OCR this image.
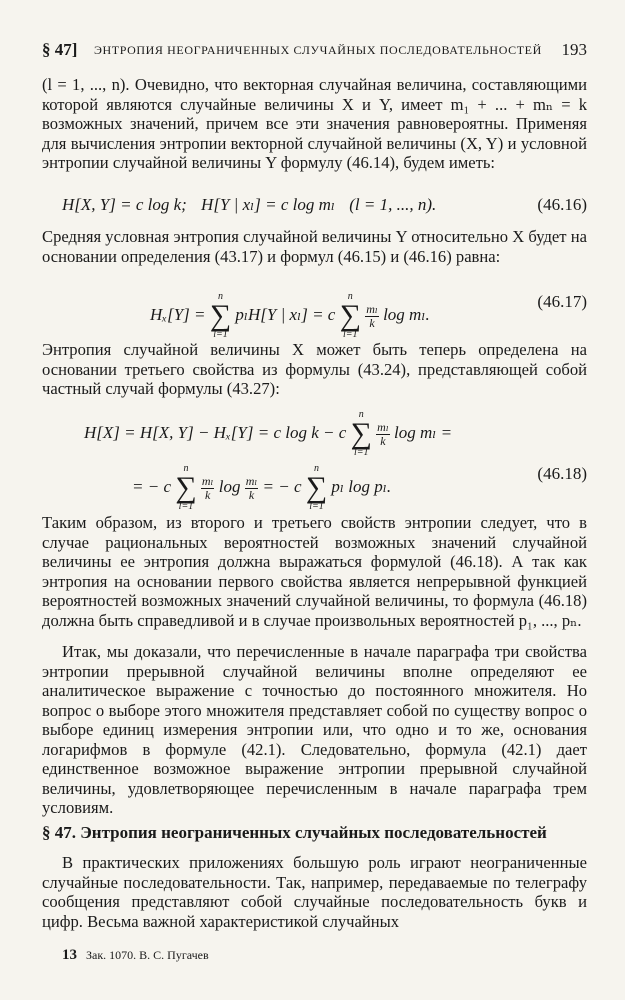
§ 47] ЭНТРОПИЯ НЕОГРАНИЧЕННЫХ СЛУЧАЙНЫХ ПОСЛЕДОВАТЕЛЬНОСТЕЙ 193

(l = 1, ..., n). Очевидно, что векторная случайная величина, составляющими которой являются случайные величины X и Y, имеет m₁ + ... + mₙ = k возможных значений, причем все эти значения равновероятны. Применяя для вычисления энтропии векторной случайной величины (X, Y) и условной энтропии случайной величины Y формулу (46.14), будем иметь:

H[X, Y] = c log k; H[Y | xₗ] = c log mₗ (l = 1, ..., n).	(46.16)

Средняя условная энтропия случайной величины Y относительно X будет на основании определения (43.17) и формул (46.15) и (46.16) равна:

Hₓ[Y] =
n
∑
l=1
pₗH[Y | xₗ] = c
n
∑
l=1

$\frac{\text{mₗ}}{k}$ log mₗ.
(46.17)

Энтропия случайной величины X может быть теперь определена на основании третьего свойства из формулы (43.24), представляющей собой частный случай формулы (43.27):

H[X] = H[X, Y] − Hₓ[Y] = c log k − c
n
∑
l=1

$\frac{\text{mₗ}}{k}$ log mₗ =
= − c
n
∑
l=1

$\frac{\text{mₗ}}{k}$ $\log \frac{\text{mₗ}}{k}$ = − c
n
∑
l=1
pₗ log pₗ.
(46.18)

Таким образом, из второго и третьего свойств энтропии следует, что в случае рациональных вероятностей возможных значений случайной величины ее энтропия должна выражаться формулой (46.18). А так как энтропия на основании первого свойства является непрерывной функцией вероятностей возможных значений случайной величины, то формула (46.18) должна быть справедливой и в случае произвольных вероятностей p₁, ..., pₙ.

Итак, мы доказали, что перечисленные в начале параграфа три свойства энтропии прерывной случайной величины вполне определяют ее аналитическое выражение с точностью до постоянного множителя. Но вопрос о выборе этого множителя представляет собой по существу вопрос о выборе единиц измерения энтропии или, что одно и то же, основания логарифмов в формуле (42.1). Следовательно, формула (42.1) дает единственное возможное выражение энтропии прерывной случайной величины, удовлетворяющее перечисленным в начале параграфа трем условиям.

§ 47. Энтропия неограниченных случайных последовательностей

В практических приложениях большую роль играют неограниченные случайные последовательности. Так, например, передаваемые по телеграфу сообщения представляют собой случайные последовательность букв и цифр. Весьма важной характеристикой случайных

13 Зак. 1070. В. С. Пугачев
